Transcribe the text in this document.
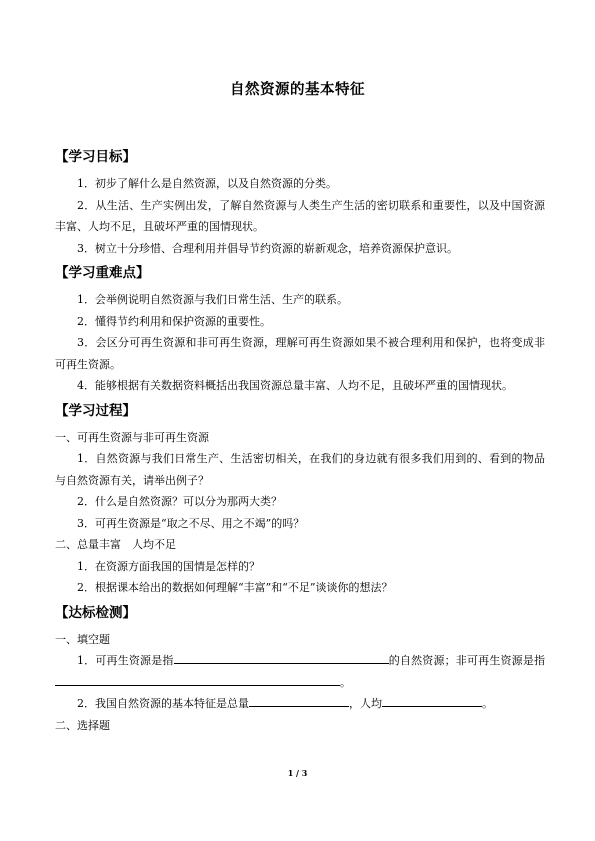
自然资源的基本特征
【学习目标】

1．初步了解什么是自然资源，以及自然资源的分类。

2．从生活、生产实例出发，了解自然资源与人类生产生活的密切联系和重要性，以及中国资源丰富、人均不足，且破坏严重的国情现状。

3．树立十分珍惜、合理利用并倡导节约资源的崭新观念，培养资源保护意识。

【学习重难点】

1．会举例说明自然资源与我们日常生活、生产的联系。

2．懂得节约利用和保护资源的重要性。

3．会区分可再生资源和非可再生资源，理解可再生资源如果不被合理利用和保护，也将变成非可再生资源。

4．能够根据有关数据资料概括出我国资源总量丰富、人均不足，且破坏严重的国情现状。

【学习过程】

一、可再生资源与非可再生资源

1．自然资源与我们日常生产、生活密切相关，在我们的身边就有很多我们用到的、看到的物品与自然资源有关，请举出例子？

2．什么是自然资源？可以分为那两大类？

3．可再生资源是“取之不尽、用之不竭”的吗？

二、总量丰富　人均不足

1．在资源方面我国的国情是怎样的？

2．根据课本给出的数据如何理解“丰富”和“不足”谈谈你的想法？

【达标检测】

一、填空题

1．可再生资源是指	的自然资源；非可再生资源是指。

2．我国自然资源的基本特征是总量	，人均	。

二、选择题

1 / 3
